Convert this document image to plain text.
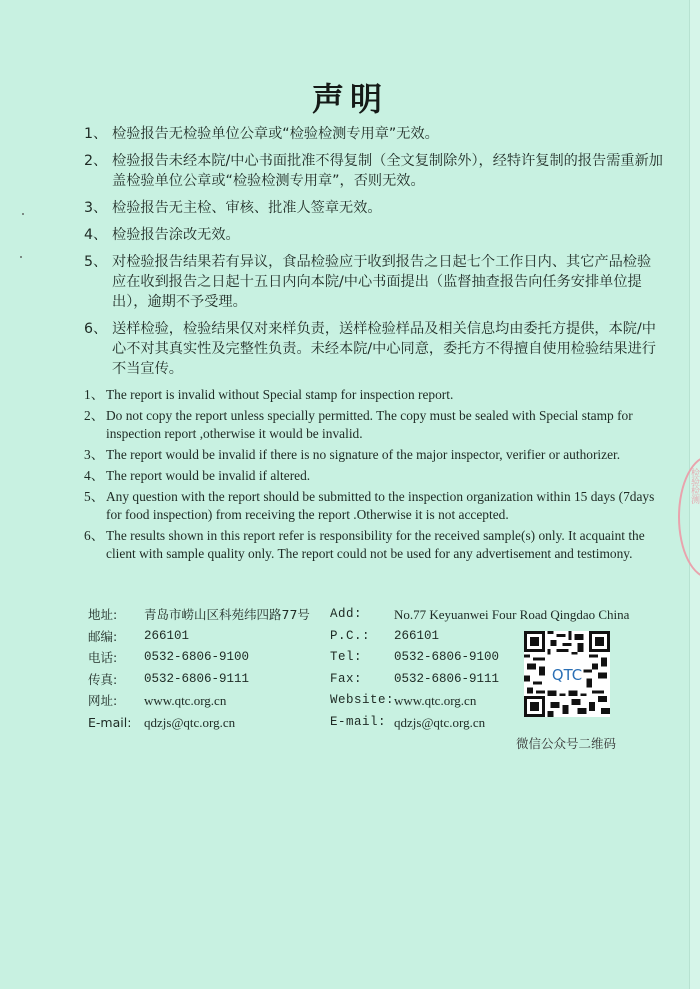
声明
1、 检验报告无检验单位公章或“检验检测专用章”无效。
2、 检验报告未经本院/中心书面批准不得复制（全文复制除外），经特许复制的报告需重新加盖检验单位公章或“检验检测专用章”，否则无效。
3、 检验报告无主检、审核、批准人签章无效。
4、 检验报告涂改无效。
5、 对检验报告结果若有异议，食品检验应于收到报告之日起七个工作日内、其它产品检验应在收到报告之日起十五日内向本院/中心书面提出（监督抽查报告向任务安排单位提出），逾期不予受理。
6、 送样检验，检验结果仅对来样负责，送样检验样品及相关信息均由委托方提供，本院/中心不对其真实性及完整性负责。未经本院/中心同意，委托方不得擅自使用检验结果进行不当宣传。
1、 The report is invalid without Special stamp for inspection report.
2、 Do not copy the report unless specially permitted. The copy must be sealed with Special stamp for inspection report ,otherwise it would be invalid.
3、 The report would be invalid if there is no signature of the major inspector, verifier or authorizer.
4、 The report would be invalid if altered.
5、 Any question with the report should be submitted to the inspection organization within 15 days (7days for food inspection) from receiving the report .Otherwise it is not accepted.
6、 The results shown in this report refer is responsibility for the received sample(s) only. It acquaint the client with sample quality only. The report could not be used for any advertisement and testimony.
地址:	青岛市崂山区科苑纬四路77号
邮编:	266101
电话:	0532-6806-9100
传真:	0532-6806-9111
网址:	www.qtc.org.cn
E-mail: qdzjs@qtc.org.cn
Add:	No.77 Keyuanwei Four Road Qingdao China
P.C.:	266101
Tel:	0532-6806-9100
Fax:	0532-6806-9111
Website: www.qtc.org.cn
E-mail: qdzjs@qtc.org.cn
QTC
微信公众号二维码
检验检测
